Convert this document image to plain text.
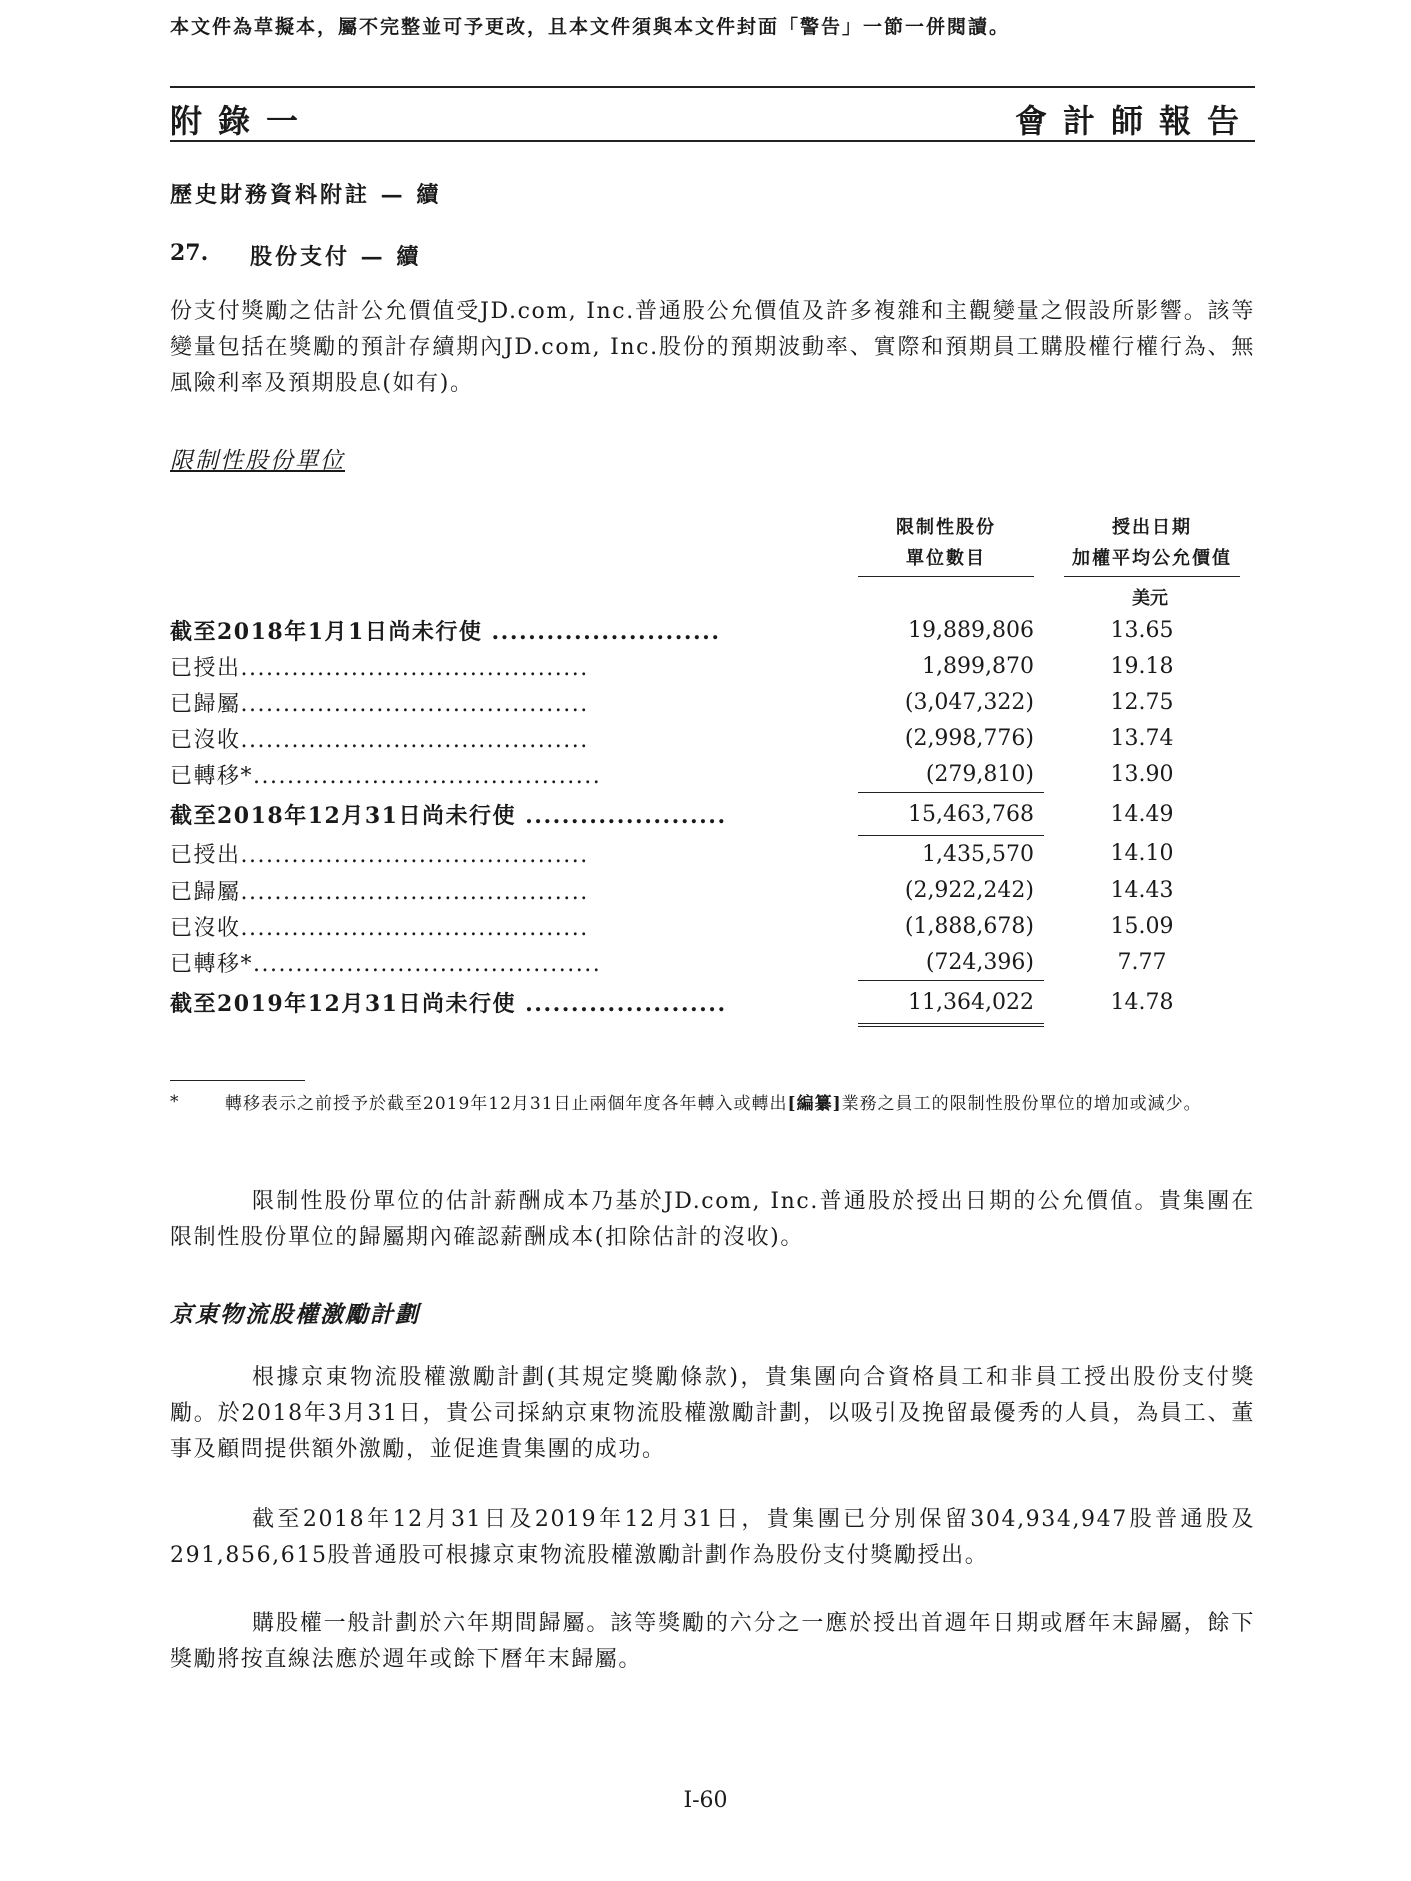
本文件為草擬本，屬不完整並可予更改，且本文件須與本文件封面「警告」一節一併閱讀。
附錄一	會計師報告
歷史財務資料附註 — 續
27. 股份支付 — 續

份支付獎勵之估計公允價值受JD.com, Inc.普通股公允價值及許多複雜和主觀變量之假設所影響。該等變量包括在獎勵的預計存續期內JD.com, Inc.股份的預期波動率、實際和預期員工購股權行權行為、無風險利率及預期股息(如有)。

限制性股份單位
限制性股份
單位數目
授出日期
加權平均公允價值
美元
截至2018年1月1日尚未行使 .........................		19,889,806		13.65
已授出.........................................		1,899,870		19.18
已歸屬.........................................		(3,047,322)		12.75
已沒收.........................................		(2,998,776)		13.74
已轉移*.........................................		(279,810)		13.90
截至2018年12月31日尚未行使 ......................		15,463,768		14.49
已授出.........................................		1,435,570		14.10
已歸屬.........................................		(2,922,242)		14.43
已沒收.........................................		(1,888,678)		15.09
已轉移*.........................................		(724,396)		7.77
截至2019年12月31日尚未行使 ......................		11,364,022		14.78
*	轉移表示之前授予於截至2019年12月31日止兩個年度各年轉入或轉出[編纂]業務之員工的限制性股份單位的增加或減少。

限制性股份單位的估計薪酬成本乃基於JD.com, Inc.普通股於授出日期的公允價值。貴集團在限制性股份單位的歸屬期內確認薪酬成本(扣除估計的沒收)。

京東物流股權激勵計劃

根據京東物流股權激勵計劃(其規定獎勵條款)，貴集團向合資格員工和非員工授出股份支付獎勵。於2018年3月31日，貴公司採納京東物流股權激勵計劃，以吸引及挽留最優秀的人員，為員工、董事及顧問提供額外激勵，並促進貴集團的成功。

截至2018年12月31日及2019年12月31日，貴集團已分別保留304,934,947股普通股及291,856,615股普通股可根據京東物流股權激勵計劃作為股份支付獎勵授出。

購股權一般計劃於六年期間歸屬。該等獎勵的六分之一應於授出首週年日期或曆年末歸屬，餘下獎勵將按直線法應於週年或餘下曆年末歸屬。

I-60
